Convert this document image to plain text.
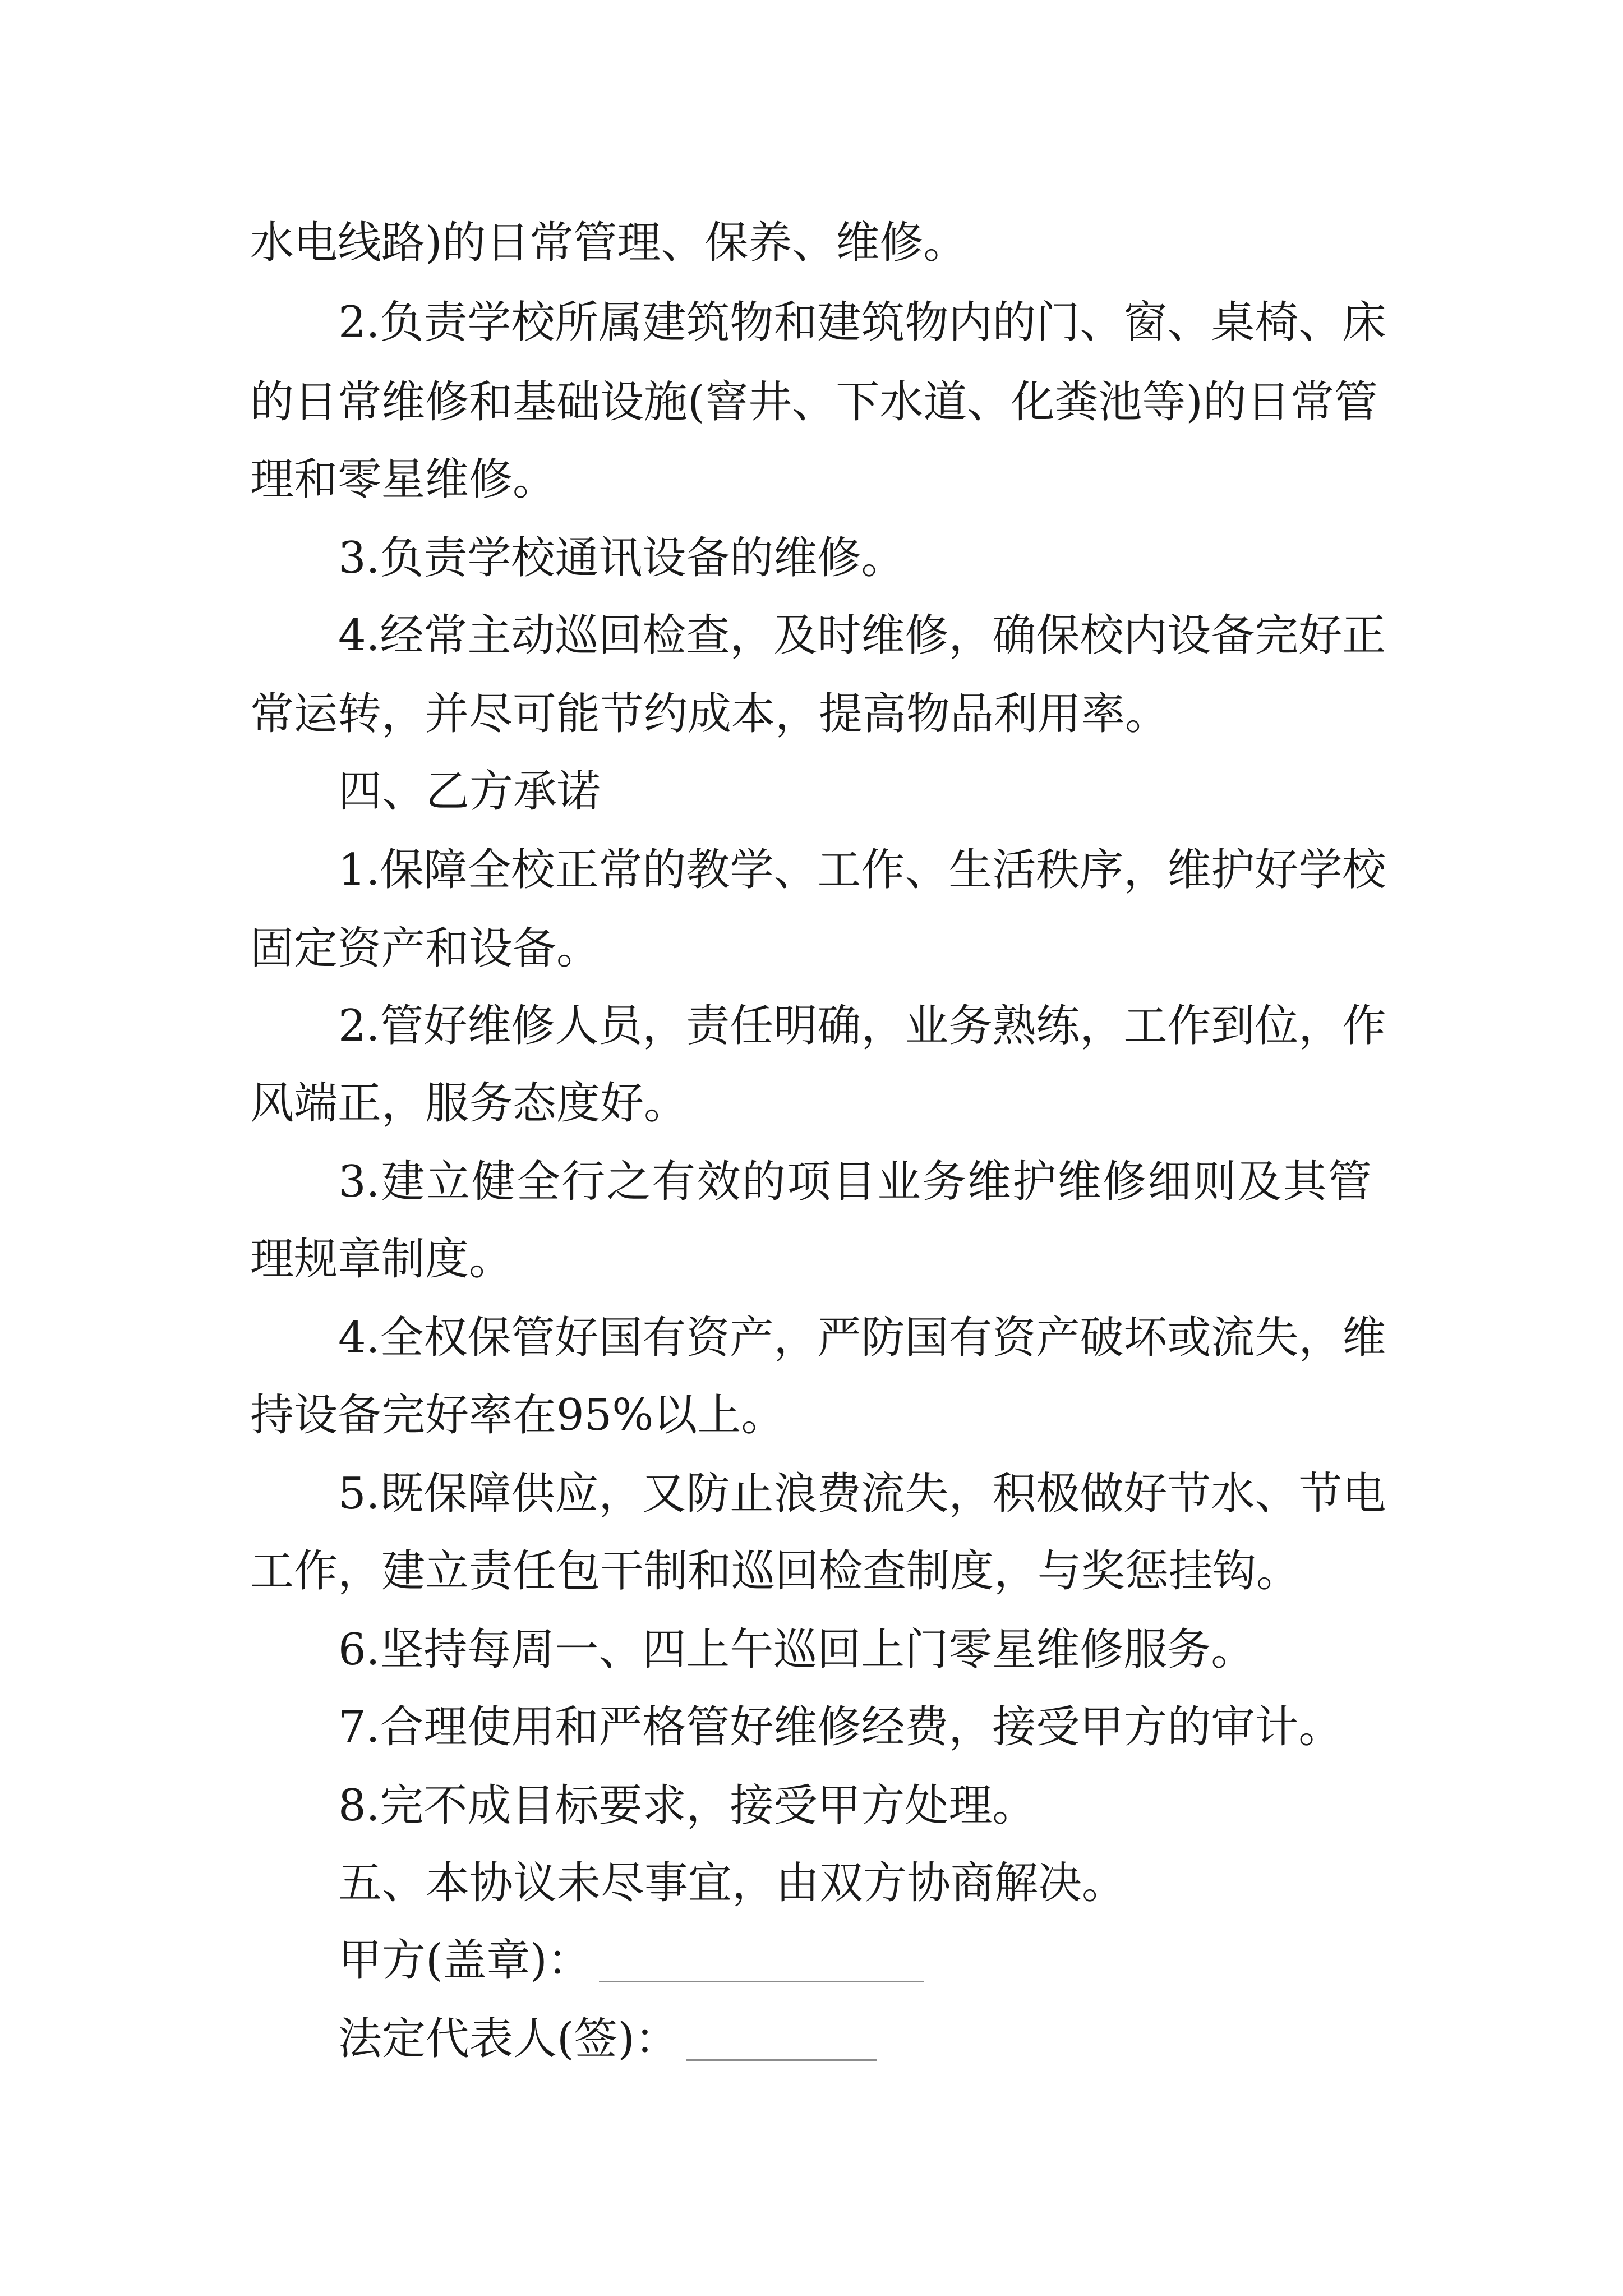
水电线路)的日常管理、保养、维修。
2.负责学校所属建筑物和建筑物内的门、窗、桌椅、床
的日常维修和基础设施(窨井、下水道、化粪池等)的日常管
理和零星维修。
3.负责学校通讯设备的维修。
4.经常主动巡回检查，及时维修，确保校内设备完好正
常运转，并尽可能节约成本，提高物品利用率。
四、乙方承诺
1.保障全校正常的教学、工作、生活秩序，维护好学校
固定资产和设备。
2.管好维修人员，责任明确，业务熟练，工作到位，作
风端正，服务态度好。
3.建立健全行之有效的项目业务维护维修细则及其管
理规章制度。
4.全权保管好国有资产，严防国有资产破坏或流失，维
持设备完好率在95%以上。
5.既保障供应，又防止浪费流失，积极做好节水、节电
工作，建立责任包干制和巡回检查制度，与奖惩挂钩。
6.坚持每周一、四上午巡回上门零星维修服务。
7.合理使用和严格管好维修经费，接受甲方的审计。
8.完不成目标要求，接受甲方处理。
五、本协议未尽事宜，由双方协商解决。
甲方(盖章)：
法定代表人(签)：
